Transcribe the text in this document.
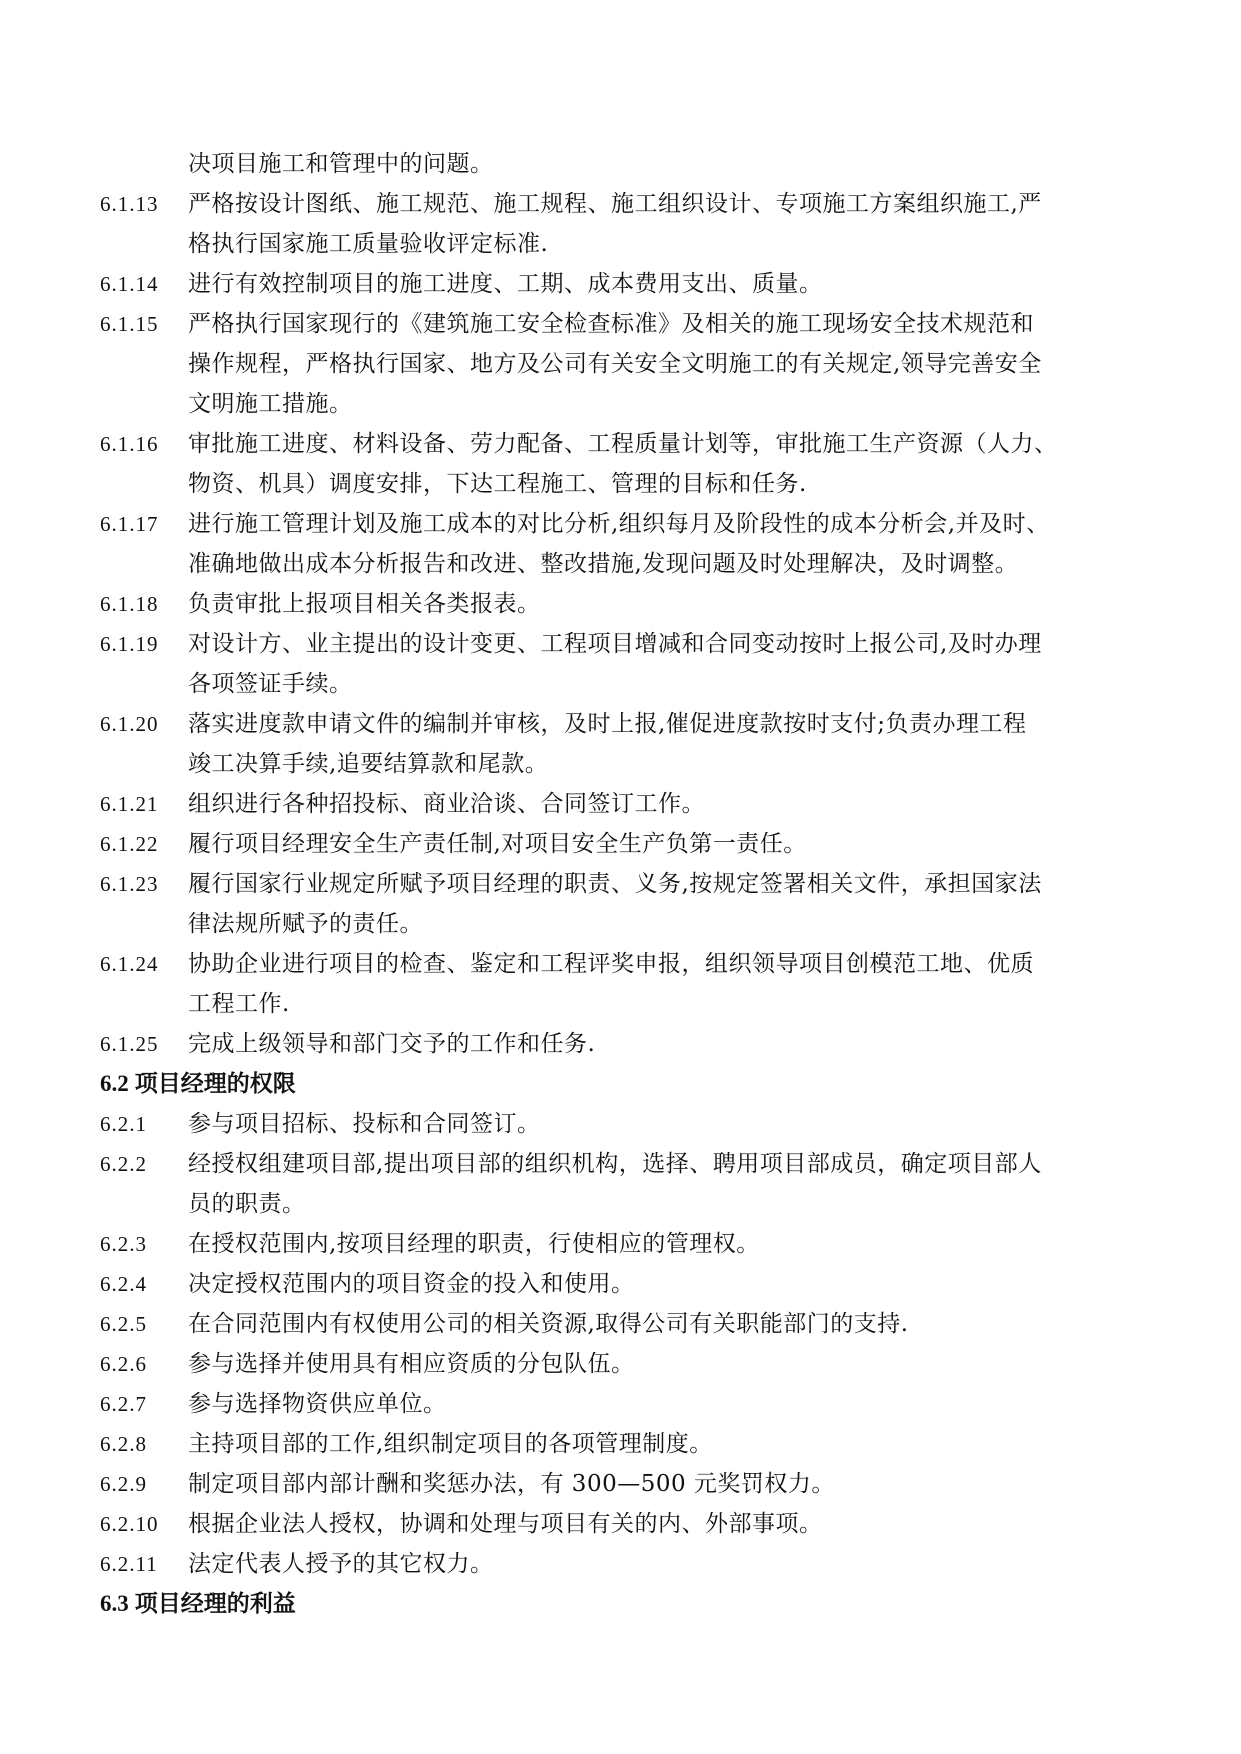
决项目施工和管理中的问题。
6.1.13	严格按设计图纸、施工规范、施工规程、施工组织设计、专项施工方案组织施工,严
格执行国家施工质量验收评定标准.
6.1.14	进行有效控制项目的施工进度、工期、成本费用支出、质量。
6.1.15	严格执行国家现行的《建筑施工安全检查标准》及相关的施工现场安全技术规范和
操作规程，严格执行国家、地方及公司有关安全文明施工的有关规定,领导完善安全
文明施工措施。
6.1.16	审批施工进度、材料设备、劳力配备、工程质量计划等，审批施工生产资源（人力、
物资、机具）调度安排，下达工程施工、管理的目标和任务.
6.1.17	进行施工管理计划及施工成本的对比分析,组织每月及阶段性的成本分析会,并及时、
准确地做出成本分析报告和改进、整改措施,发现问题及时处理解决，及时调整。
6.1.18	负责审批上报项目相关各类报表。
6.1.19	对设计方、业主提出的设计变更、工程项目增减和合同变动按时上报公司,及时办理
各项签证手续。
6.1.20	落实进度款申请文件的编制并审核，及时上报,催促进度款按时支付;负责办理工程
竣工决算手续,追要结算款和尾款。
6.1.21	组织进行各种招投标、商业洽谈、合同签订工作。
6.1.22	履行项目经理安全生产责任制,对项目安全生产负第一责任。
6.1.23	履行国家行业规定所赋予项目经理的职责、义务,按规定签署相关文件，承担国家法
律法规所赋予的责任。
6.1.24	协助企业进行项目的检查、鉴定和工程评奖申报，组织领导项目创模范工地、优质
工程工作.
6.1.25	完成上级领导和部门交予的工作和任务.
6.2 项目经理的权限
6.2.1	参与项目招标、投标和合同签订。
6.2.2	经授权组建项目部,提出项目部的组织机构，选择、聘用项目部成员，确定项目部人
员的职责。
6.2.3	在授权范围内,按项目经理的职责，行使相应的管理权。
6.2.4	决定授权范围内的项目资金的投入和使用。
6.2.5	在合同范围内有权使用公司的相关资源,取得公司有关职能部门的支持.
6.2.6	参与选择并使用具有相应资质的分包队伍。
6.2.7	参与选择物资供应单位。
6.2.8	主持项目部的工作,组织制定项目的各项管理制度。
6.2.9	制定项目部内部计酬和奖惩办法，有 300—500 元奖罚权力。
6.2.10	根据企业法人授权，协调和处理与项目有关的内、外部事项。
6.2.11	法定代表人授予的其它权力。
6.3 项目经理的利益
